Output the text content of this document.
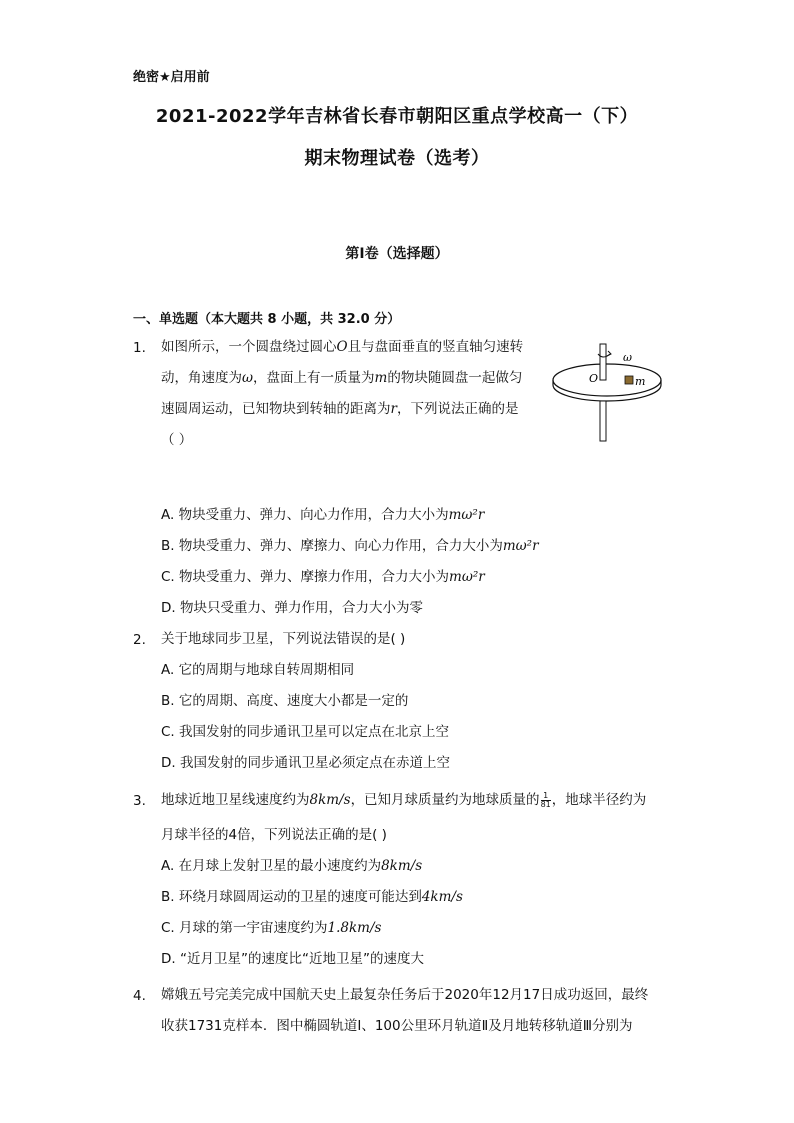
绝密★启用前
2021-2022学年吉林省长春市朝阳区重点学校高一（下）
期末物理试卷（选考）
第I卷（选择题）
一、单选题（本大题共 8 小题，共 32.0 分）
1. 如图所示，一个圆盘绕过圆心O且与盘面垂直的竖直轴匀速转
动，角速度为ω，盘面上有一质量为m的物块随圆盘一起做匀
速圆周运动，已知物块到转轴的距离为r，下列说法正确的是
（ ）
ω
O	m
A. 物块受重力、弹力、向心力作用，合力大小为mω²r
B. 物块受重力、弹力、摩擦力、向心力作用，合力大小为mω²r
C. 物块受重力、弹力、摩擦力作用，合力大小为mω²r
D. 物块只受重力、弹力作用，合力大小为零
2. 关于地球同步卫星，下列说法错误的是( )
A. 它的周期与地球自转周期相同
B. 它的周期、高度、速度大小都是一定的
C. 我国发射的同步通讯卫星可以定点在北京上空
D. 我国发射的同步通讯卫星必须定点在赤道上空
3. 地球近地卫星线速度约为8km/s，已知月球质量约为地球质量的 $\frac{1}{81}$ ，地球半径约为
月球半径的4倍，下列说法正确的是( )
A. 在月球上发射卫星的最小速度约为8km/s
B. 环绕月球圆周运动的卫星的速度可能达到4km/s
C. 月球的第一宇宙速度约为1.8km/s
D. “近月卫星”的速度比“近地卫星”的速度大
4. 嫦娥五号完美完成中国航天史上最复杂任务后于2020年12月17日成功返回，最终
收获1731克样本．图中椭圆轨道Ⅰ、100公里环月轨道Ⅱ及月地转移轨道Ⅲ分别为
